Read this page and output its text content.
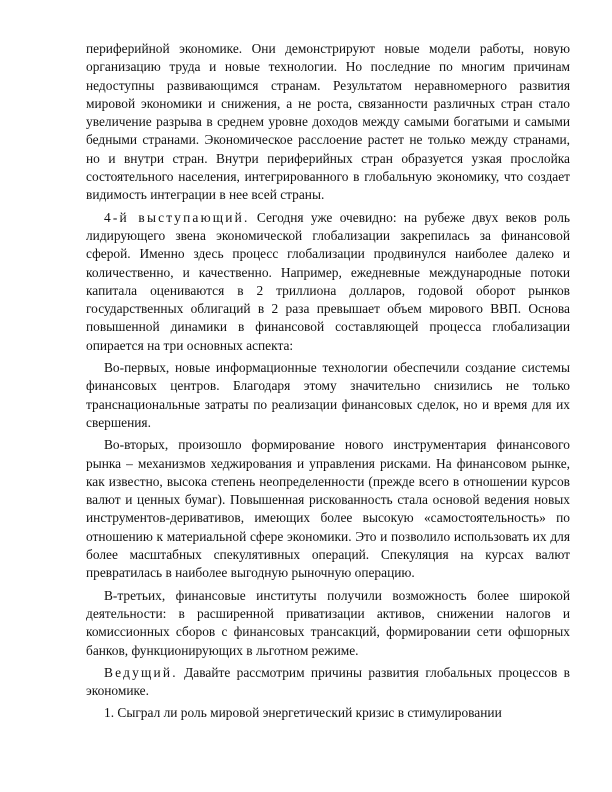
периферийной экономике. Они демонстрируют новые модели работы, новую организацию труда и новые технологии. Но последние по многим причинам недоступны развивающимся странам. Результатом неравномерного развития мировой экономики и снижения, а не роста, связанности различных стран стало увеличение разрыва в среднем уровне доходов между самыми богатыми и самыми бедными странами. Экономическое расслоение растет не только между странами, но и внутри стран. Внутри периферийных стран образуется узкая прослойка состоятельного населения, интегрированного в глобальную экономику, что создает видимость интеграции в нее всей страны.

4-й выступающий. Сегодня уже очевидно: на рубеже двух веков роль лидирующего звена экономической глобализации закрепилась за финансовой сферой. Именно здесь процесс глобализации продвинулся наиболее далеко и количественно, и качественно. Например, ежедневные международные потоки капитала оцениваются в 2 триллиона долларов, годовой оборот рынков государственных облигаций в 2 раза превышает объем мирового ВВП. Основа повышенной динамики в финансовой составляющей процесса глобализации опирается на три основных аспекта:

Во-первых, новые информационные технологии обеспечили создание системы финансовых центров. Благодаря этому значительно снизились не только транснациональные затраты по реализации финансовых сделок, но и время для их свершения.

Во-вторых, произошло формирование нового инструментария финансового рынка – механизмов хеджирования и управления рисками. На финансовом рынке, как известно, высока степень неопределенности (прежде всего в отношении курсов валют и ценных бумаг). Повышенная рискованность стала основой ведения новых инструментов-деривативов, имеющих более высокую «самостоятельность» по отношению к материальной сфере экономики. Это и позволило использовать их для более масштабных спекулятивных операций. Спекуляция на курсах валют превратилась в наиболее выгодную рыночную операцию.

В-третьих, финансовые институты получили возможность более широкой деятельности: в расширенной приватизации активов, снижении налогов и комиссионных сборов с финансовых трансакций, формировании сети офшорных банков, функционирующих в льготном режиме.

Ведущий. Давайте рассмотрим причины развития глобальных процессов в экономике.

1. Сыграл ли роль мировой энергетический кризис в стимулировании
